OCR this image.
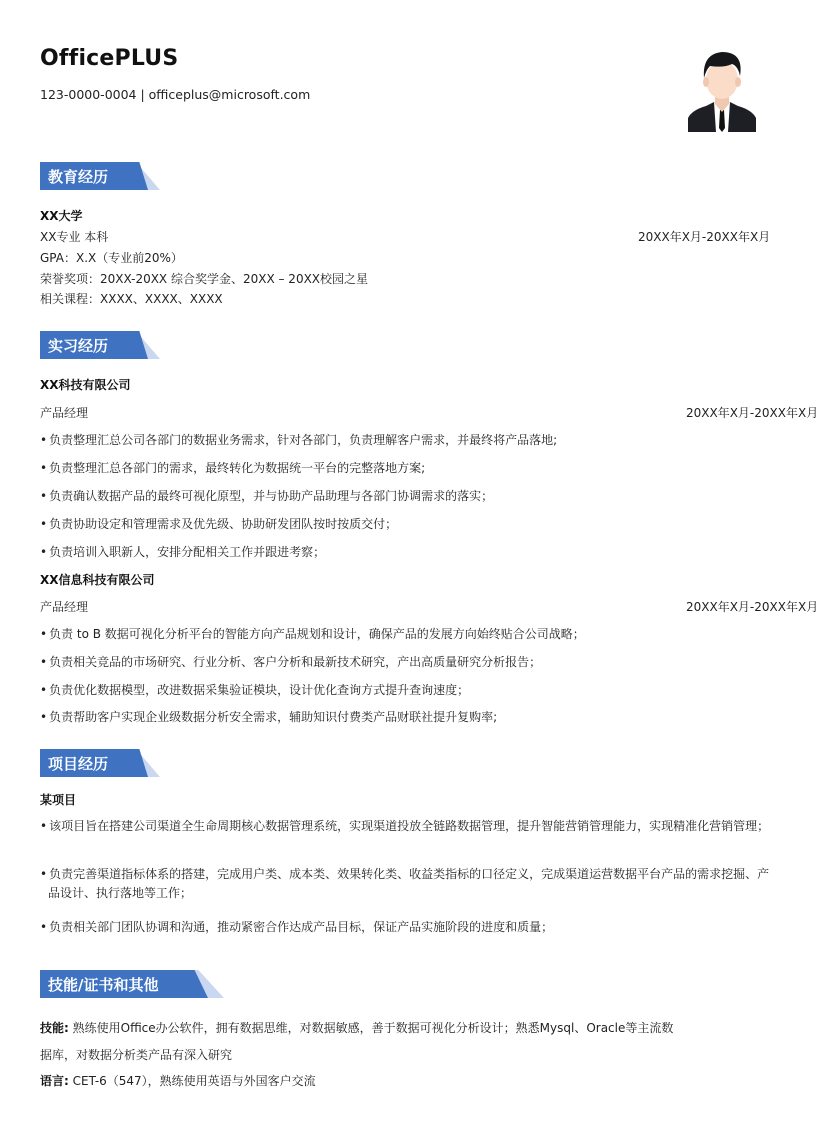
OfficePLUS
123-0000-0004 | officeplus@microsoft.com
教育经历
XX大学
XX专业 本科	20XX年X月-20XX年X月
GPA：X.X（专业前20%）
荣誉奖项：20XX-20XX 综合奖学金、20XX – 20XX校园之星
相关课程：XXXX、XXXX、XXXX
实习经历
XX科技有限公司
产品经理	20XX年X月-20XX年X月
• 负责整理汇总公司各部门的数据业务需求，针对各部门，负责理解客户需求，并最终将产品落地;
• 负责整理汇总各部门的需求，最终转化为数据统一平台的完整落地方案;
• 负责确认数据产品的最终可视化原型，并与协助产品助理与各部门协调需求的落实；
• 负责协助设定和管理需求及优先级、协助研发团队按时按质交付；
• 负责培训入职新人，安排分配相关工作并跟进考察；
XX信息科技有限公司
产品经理	20XX年X月-20XX年X月
• 负责 to B 数据可视化分析平台的智能方向产品规划和设计，确保产品的发展方向始终贴合公司战略；
• 负责相关竞品的市场研究、行业分析、客户分析和最新技术研究，产出高质量研究分析报告；
• 负责优化数据模型，改进数据采集验证模块，设计优化查询方式提升查询速度；
• 负责帮助客户实现企业级数据分析安全需求，辅助知识付费类产品财联社提升复购率;
项目经历
某项目
• 该项目旨在搭建公司渠道全生命周期核心数据管理系统，实现渠道投放全链路数据管理，提升智能营销管理能力，实现精准化营销管理；
• 负责完善渠道指标体系的搭建，完成用户类、成本类、效果转化类、收益类指标的口径定义，完成渠道运营数据平台产品的需求挖掘、产品设计、执行落地等工作；
• 负责相关部门团队协调和沟通，推动紧密合作达成产品目标，保证产品实施阶段的进度和质量；
技能/证书和其他
技能: 熟练使用Office办公软件，拥有数据思维，对数据敏感，善于数据可视化分析设计；熟悉Mysql、Oracle等主流数
据库，对数据分析类产品有深入研究
语言: CET-6（547），熟练使用英语与外国客户交流
